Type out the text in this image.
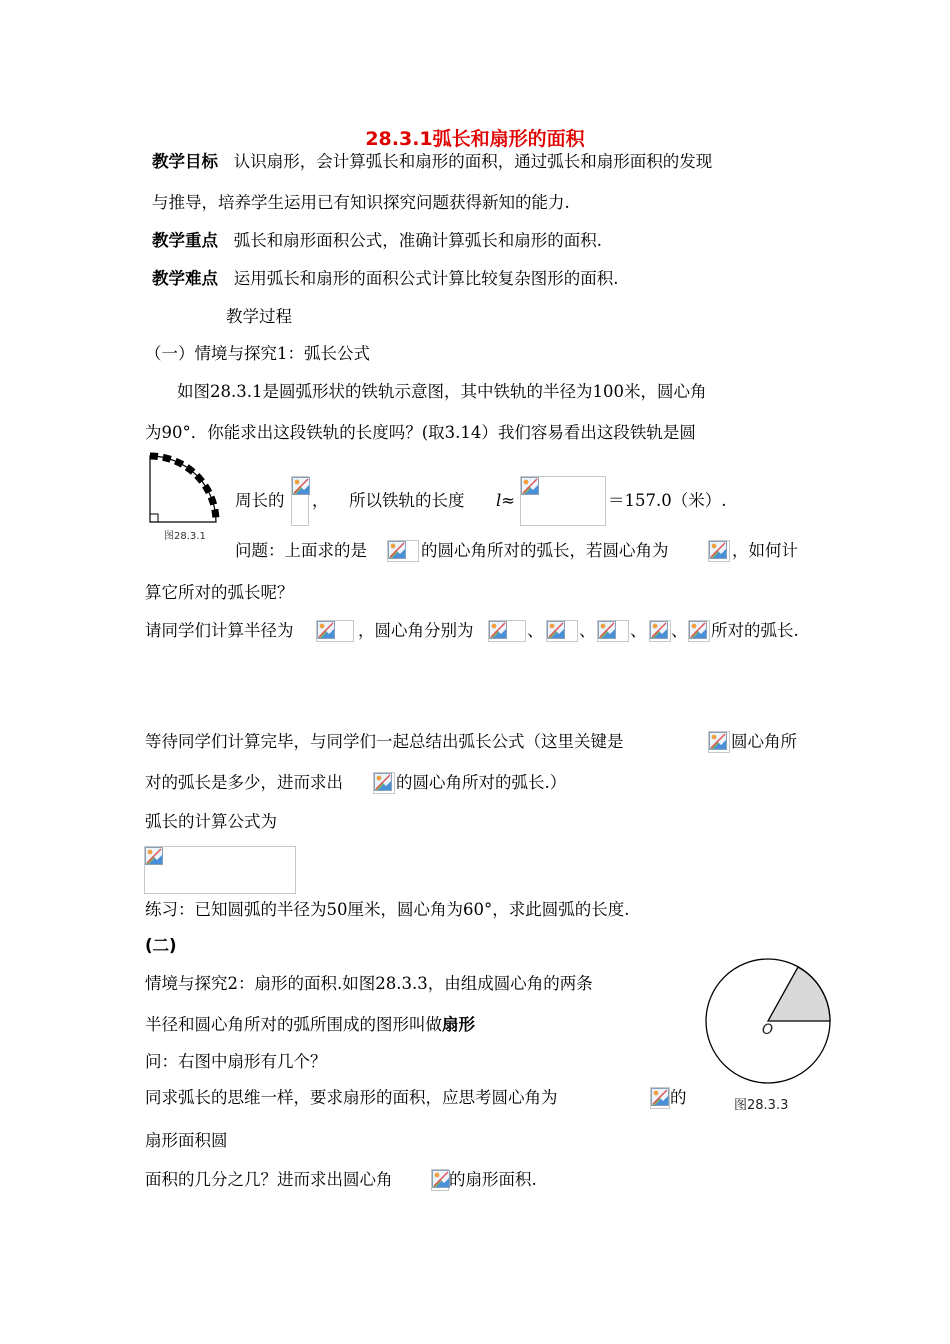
28.3.1弧长和扇形的面积
教学目标 认识扇形，会计算弧长和扇形的面积，通过弧长和扇形面积的发现
与推导，培养学生运用已有知识探究问题获得新知的能力.
教学重点 弧长和扇形面积公式，准确计算弧长和扇形的面积.
教学难点 运用弧长和扇形的面积公式计算比较复杂图形的面积.
教学过程
（一）情境与探究1：弧长公式
如图28.3.1是圆弧形状的铁轨示意图，其中铁轨的半径为100米，圆心角
为90°．你能求出这段铁轨的长度吗？(取3.14）我们容易看出这段铁轨是圆
图28.3.1
周长的 ， 所以铁轨的长度 l≈	＝157.0（米）.
问题：上面求的是	的圆心角所对的弧长，若圆心角为	，如何计
算它所对的弧长呢？
请同学们计算半径为	，圆心角分别为	、 、 、 、 所对的弧长.
等待同学们计算完毕，与同学们一起总结出弧长公式（这里关键是	圆心角所
对的弧长是多少，进而求出	的圆心角所对的弧长.）
弧长的计算公式为
练习：已知圆弧的半径为50厘米，圆心角为60°，求此圆弧的长度.
(二)
情境与探究2：扇形的面积.如图28.3.3，由组成圆心角的两条
半径和圆心角所对的弧所围成的图形叫做扇形
问：右图中扇形有几个？
同求弧长的思维一样，要求扇形的面积，应思考圆心角为	的
扇形面积圆
面积的几分之几？进而求出圆心角	的扇形面积.
O
图28.3.3
